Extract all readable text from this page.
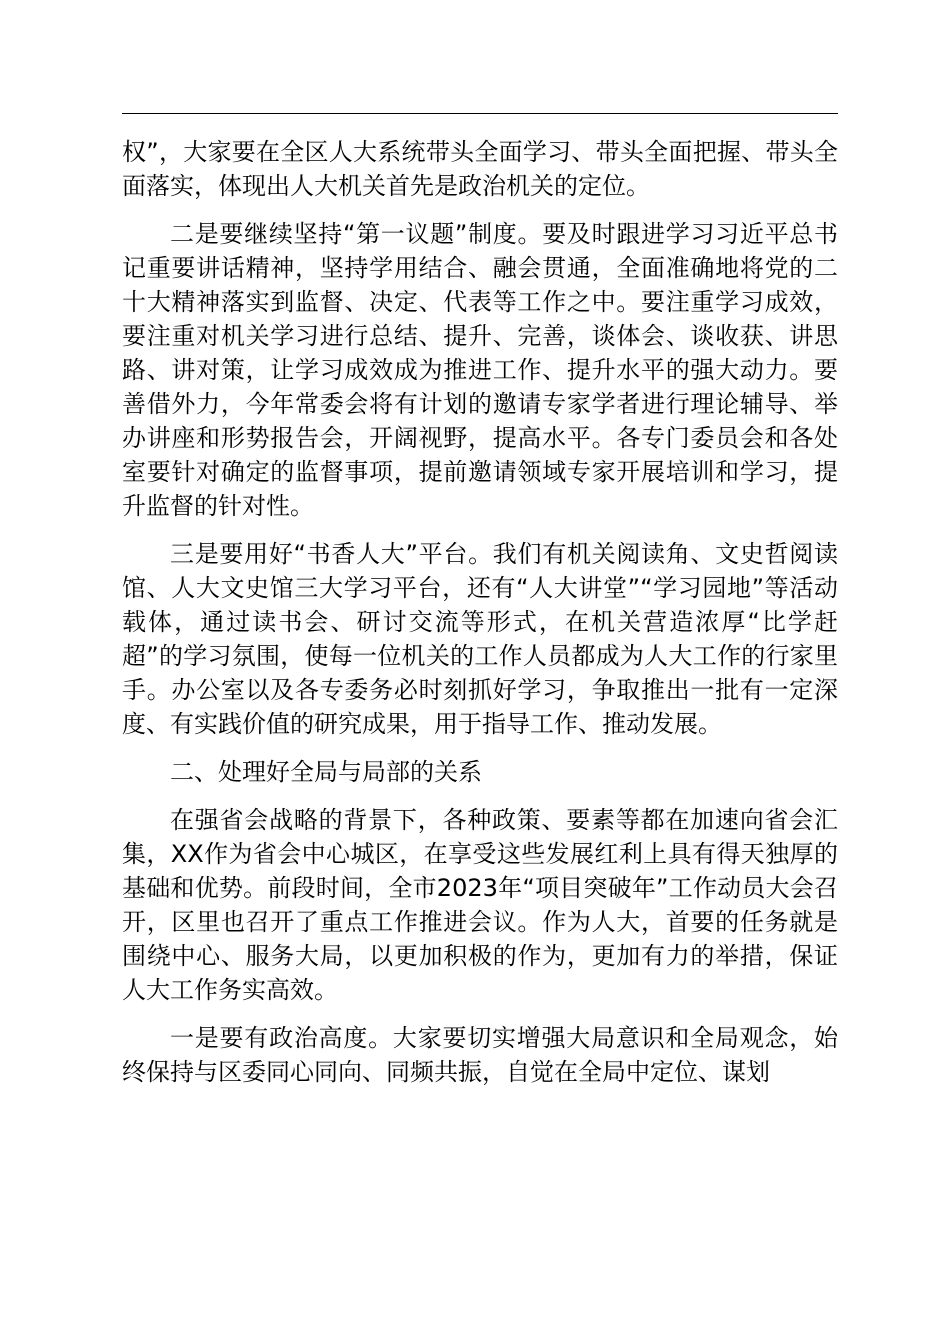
权”，大家要在全区人大系统带头全面学习、带头全面把握、带头全面落实，体现出人大机关首先是政治机关的定位。

二是要继续坚持“第一议题”制度。要及时跟进学习习近平总书记重要讲话精神，坚持学用结合、融会贯通，全面准确地将党的二十大精神落实到监督、决定、代表等工作之中。要注重学习成效，要注重对机关学习进行总结、提升、完善，谈体会、谈收获、讲思路、讲对策，让学习成效成为推进工作、提升水平的强大动力。要善借外力，今年常委会将有计划的邀请专家学者进行理论辅导、举办讲座和形势报告会，开阔视野，提高水平。各专门委员会和各处室要针对确定的监督事项，提前邀请领域专家开展培训和学习，提升监督的针对性。

三是要用好“书香人大”平台。我们有机关阅读角、文史哲阅读馆、人大文史馆三大学习平台，还有“人大讲堂”“学习园地”等活动载体，通过读书会、研讨交流等形式，在机关营造浓厚“比学赶超”的学习氛围，使每一位机关的工作人员都成为人大工作的行家里手。办公室以及各专委务必时刻抓好学习，争取推出一批有一定深度、有实践价值的研究成果，用于指导工作、推动发展。

二、处理好全局与局部的关系

在强省会战略的背景下，各种政策、要素等都在加速向省会汇集，XX作为省会中心城区，在享受这些发展红利上具有得天独厚的基础和优势。前段时间，全市2023年“项目突破年”工作动员大会召开，区里也召开了重点工作推进会议。作为人大，首要的任务就是围绕中心、服务大局，以更加积极的作为，更加有力的举措，保证人大工作务实高效。

一是要有政治高度。大家要切实增强大局意识和全局观念，始终保持与区委同心同向、同频共振，自觉在全局中定位、谋划
